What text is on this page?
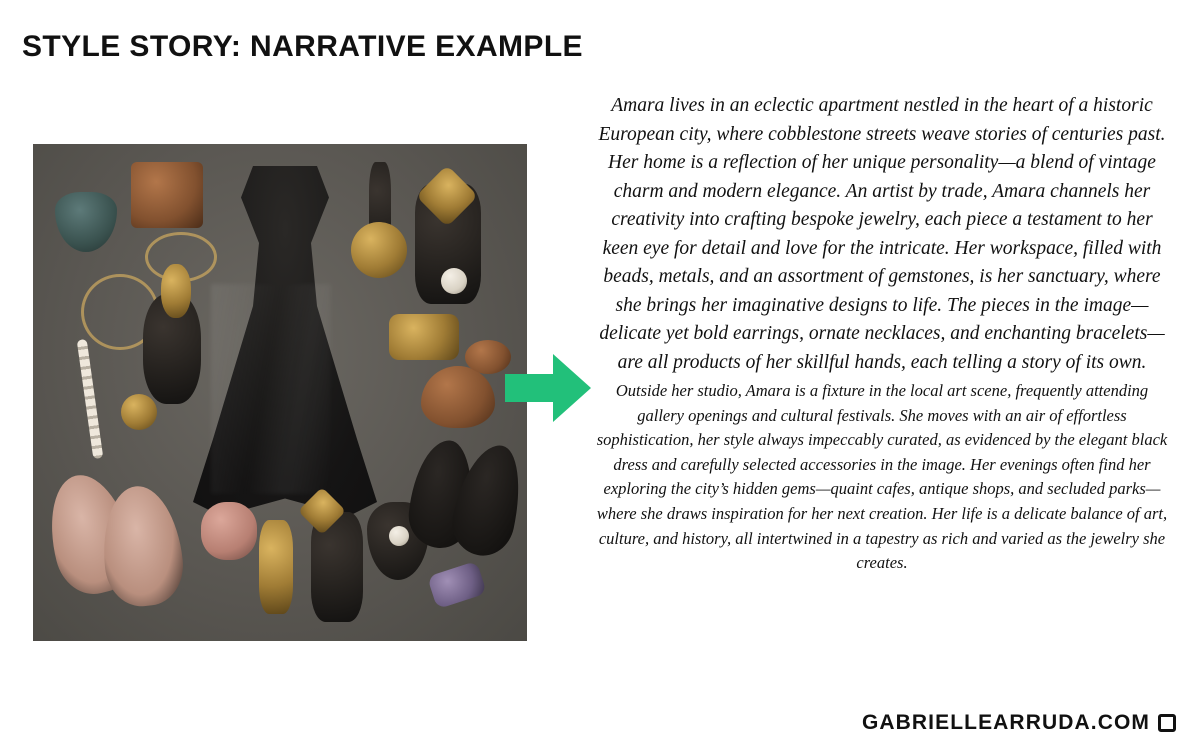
STYLE STORY: NARRATIVE EXAMPLE

Amara lives in an eclectic apartment nestled in the heart of a historic European city, where cobblestone streets weave stories of centuries past. Her home is a reflection of her unique personality—a blend of vintage charm and modern elegance. An artist by trade, Amara channels her creativity into crafting bespoke jewelry, each piece a testament to her keen eye for detail and love for the intricate. Her workspace, filled with beads, metals, and an assortment of gemstones, is her sanctuary, where she brings her imaginative designs to life. The pieces in the image—delicate yet bold earrings, ornate necklaces, and enchanting bracelets—are all products of her skillful hands, each telling a story of its own.

Outside her studio, Amara is a fixture in the local art scene, frequently attending gallery openings and cultural festivals. She moves with an air of effortless sophistication, her style always impeccably curated, as evidenced by the elegant black dress and carefully selected accessories in the image. Her evenings often find her exploring the city’s hidden gems—quaint cafes, antique shops, and secluded parks—where she draws inspiration for her next creation. Her life is a delicate balance of art, culture, and history, all intertwined in a tapestry as rich and varied as the jewelry she creates.

GABRIELLEARRUDA.COM
